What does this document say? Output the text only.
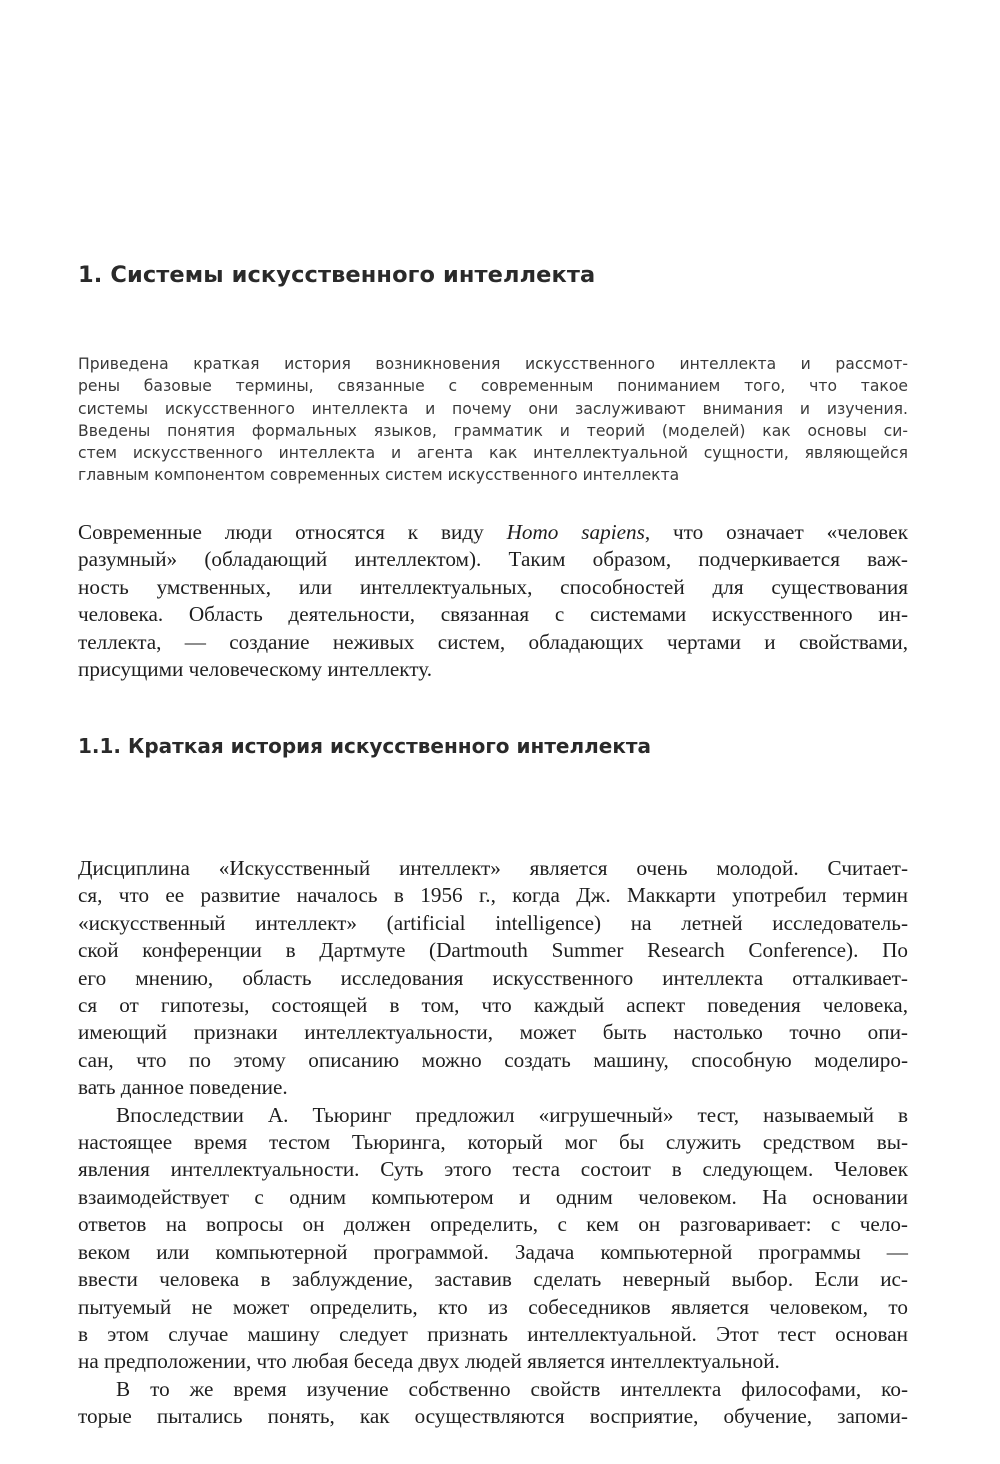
1. Системы искусственного интеллекта
Приведена краткая история возникновения искусственного интеллекта и рассмот-
рены базовые термины, связанные с современным пониманием того, что такое
системы искусственного интеллекта и почему они заслуживают внимания и изучения.
Введены понятия формальных языков, грамматик и теорий (моделей) как основы си-
стем искусственного интеллекта и агента как интеллектуальной сущности, являющейся
главным компонентом современных систем искусственного интеллекта
Современные люди относятся к виду Homo sapiens, что означает «человек
разумный» (обладающий интеллектом). Таким образом, подчеркивается важ-
ность умственных, или интеллектуальных, способностей для существования
человека. Область деятельности, связанная с системами искусственного ин-
теллекта, — создание неживых систем, обладающих чертами и свойствами,
присущими человеческому интеллекту.
1.1. Краткая история искусственного интеллекта
Дисциплина «Искусственный интеллект» является очень молодой. Считает-
ся, что ее развитие началось в 1956 г., когда Дж. Маккарти употребил термин
«искусственный интеллект» (artificial intelligence) на летней исследователь-
ской конференции в Дартмуте (Dartmouth Summer Research Conference). По
его мнению, область исследования искусственного интеллекта отталкивает-
ся от гипотезы, состоящей в том, что каждый аспект поведения человека,
имеющий признаки интеллектуальности, может быть настолько точно опи-
сан, что по этому описанию можно создать машину, способную моделиро-
вать данное поведение.
Впоследствии А. Тьюринг предложил «игрушечный» тест, называемый в
настоящее время тестом Тьюринга, который мог бы служить средством вы-
явления интеллектуальности. Суть этого теста состоит в следующем. Человек
взаимодействует с одним компьютером и одним человеком. На основании
ответов на вопросы он должен определить, с кем он разговаривает: с чело-
веком или компьютерной программой. Задача компьютерной программы —
ввести человека в заблуждение, заставив сделать неверный выбор. Если ис-
пытуемый не может определить, кто из собеседников является человеком, то
в этом случае машину следует признать интеллектуальной. Этот тест основан
на предположении, что любая беседа двух людей является интеллектуальной.
В то же время изучение собственно свойств интеллекта философами, ко-
торые пытались понять, как осуществляются восприятие, обучение, запоми-
